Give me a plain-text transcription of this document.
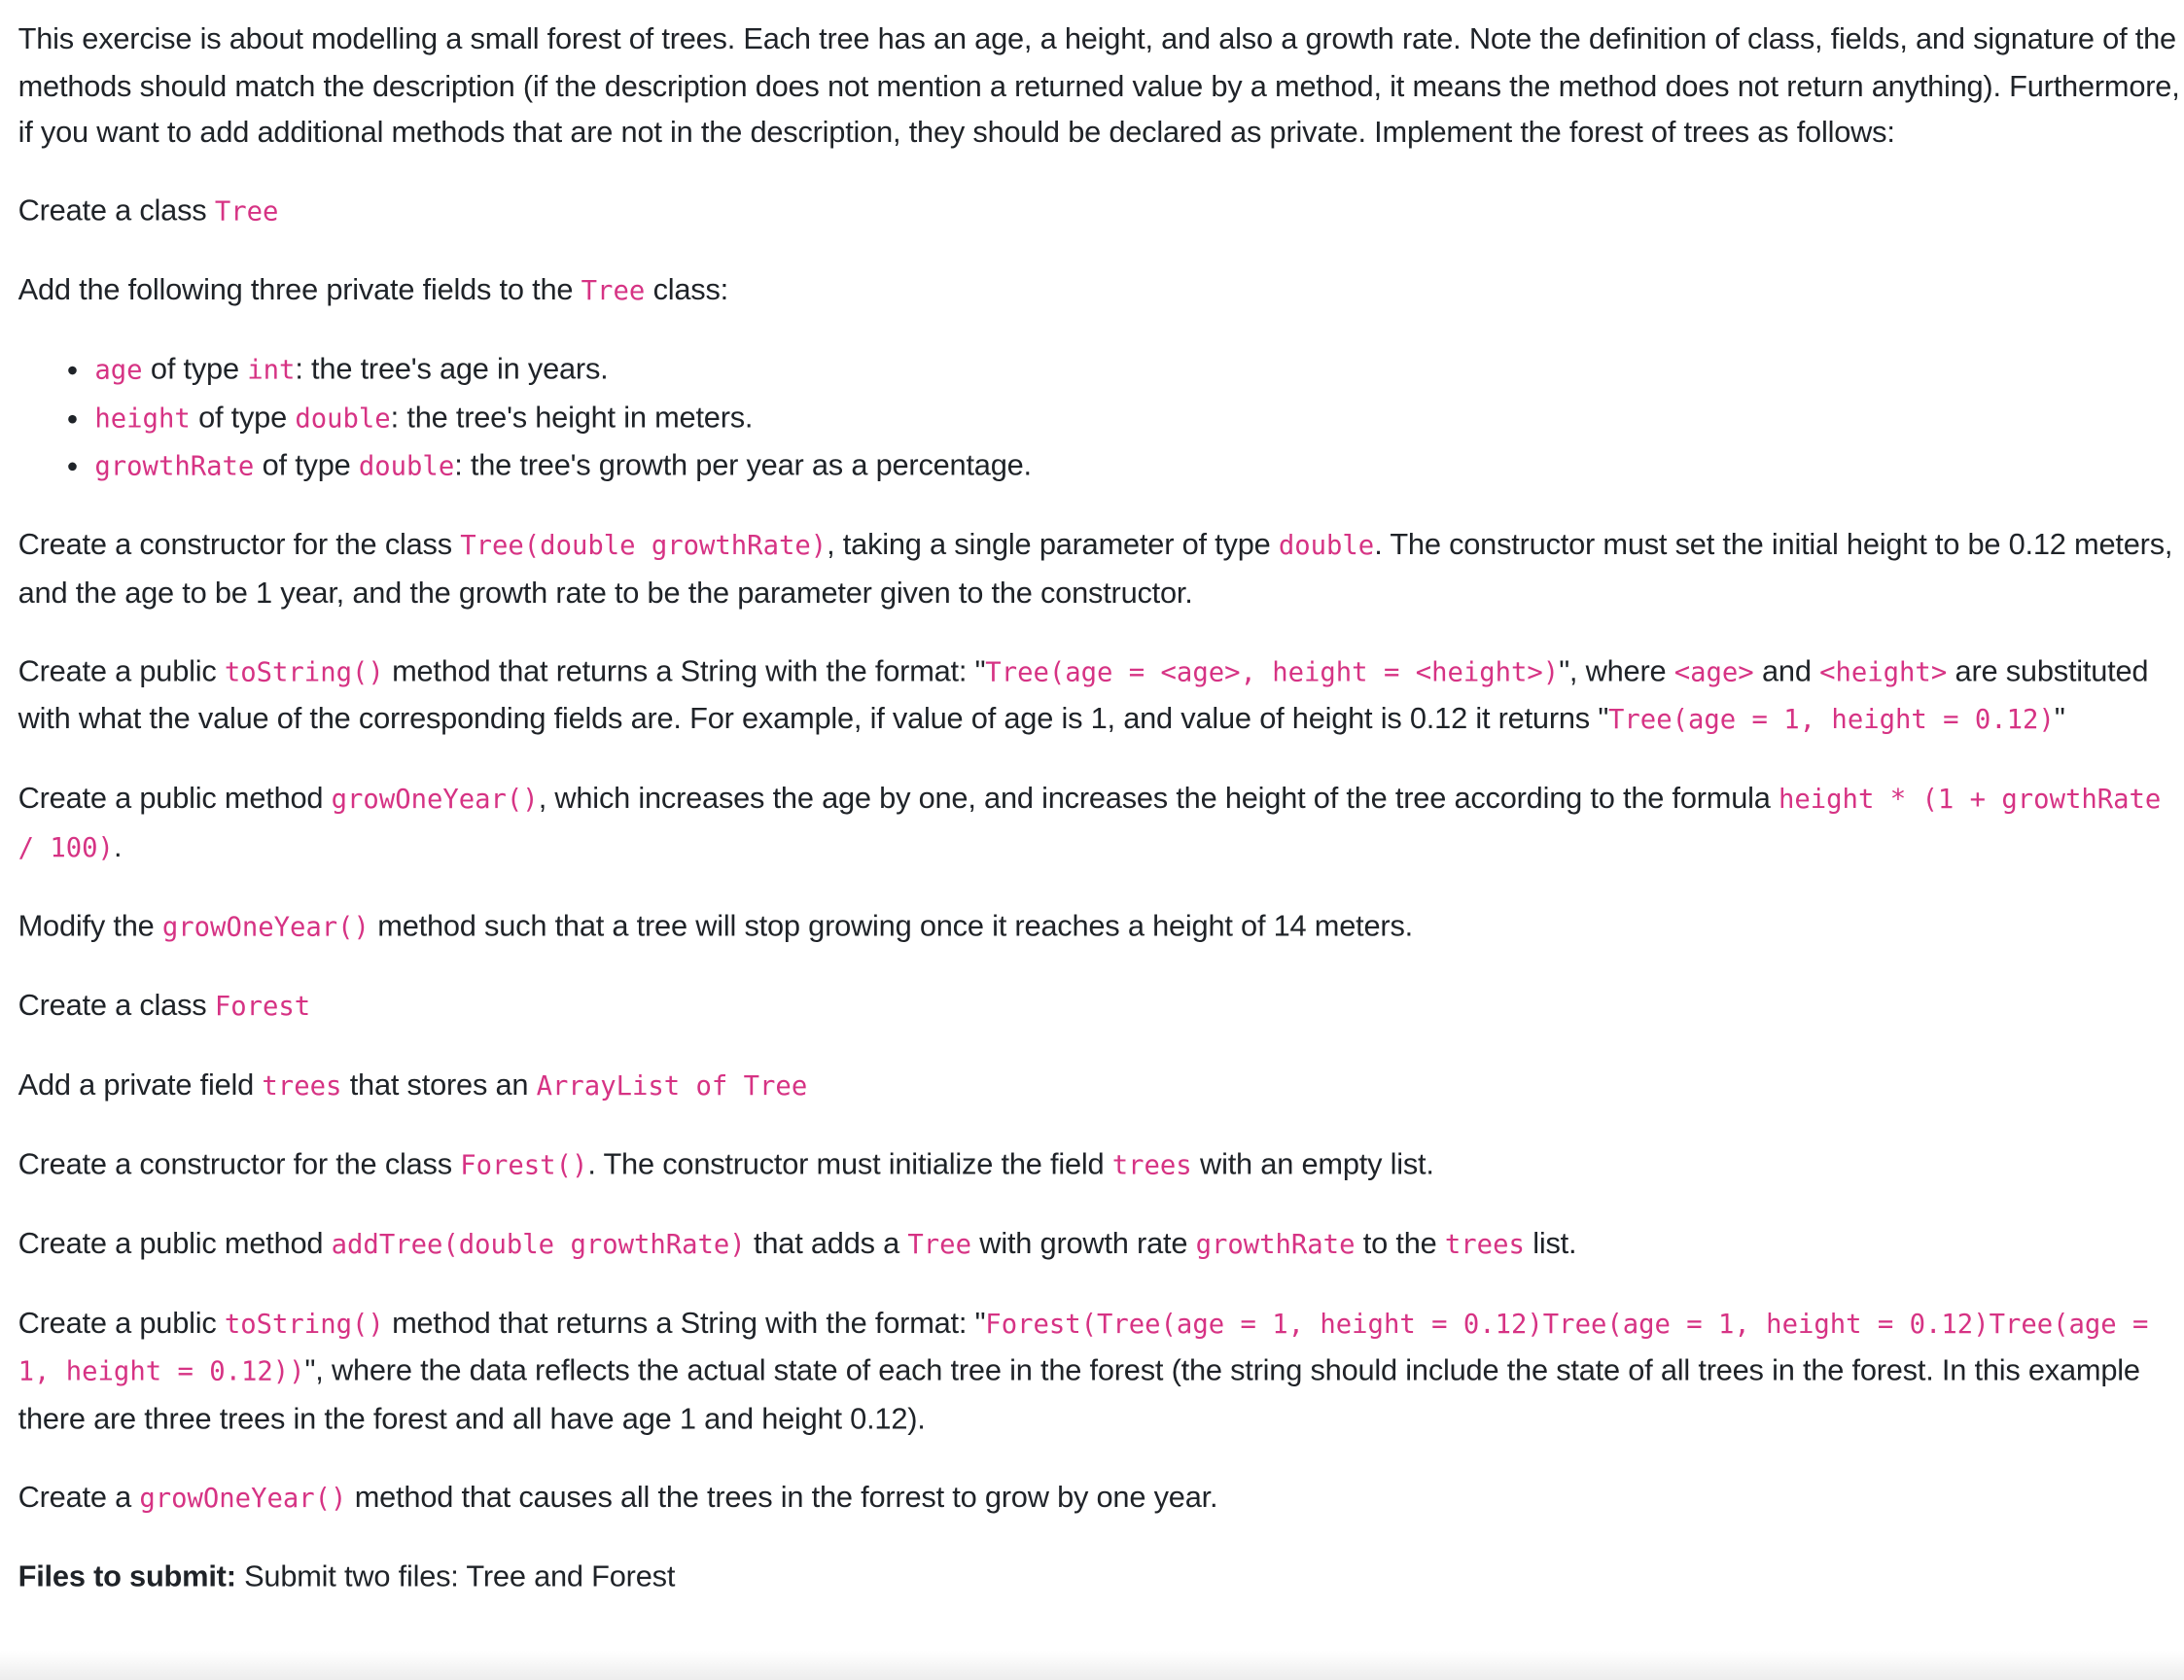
This exercise is about modelling a small forest of trees. Each tree has an age, a height, and also a growth rate. Note the definition of class, fields, and signature of the methods should match the description (if the description does not mention a returned value by a method, it means the method does not return anything). Furthermore, if you want to add additional methods that are not in the description, they should be declared as private. Implement the forest of trees as follows:

Create a class Tree

Add the following three private fields to the Tree class:

• age of type int: the tree's age in years.
• height of type double: the tree's height in meters.
• growthRate of type double: the tree's growth per year as a percentage.

Create a constructor for the class Tree(double growthRate), taking a single parameter of type double. The constructor must set the initial height to be 0.12 meters, and the age to be 1 year, and the growth rate to be the parameter given to the constructor.

Create a public toString() method that returns a String with the format: "Tree(age = <age>, height = <height>)", where <age> and <height> are substituted with what the value of the corresponding fields are. For example, if value of age is 1, and value of height is 0.12 it returns "Tree(age = 1, height = 0.12)"

Create a public method growOneYear(), which increases the age by one, and increases the height of the tree according to the formula height * (1 + growthRate / 100).

Modify the growOneYear() method such that a tree will stop growing once it reaches a height of 14 meters.

Create a class Forest

Add a private field trees that stores an ArrayList of Tree

Create a constructor for the class Forest(). The constructor must initialize the field trees with an empty list.

Create a public method addTree(double growthRate) that adds a Tree with growth rate growthRate to the trees list.

Create a public toString() method that returns a String with the format: "Forest(Tree(age = 1, height = 0.12)Tree(age = 1, height = 0.12)Tree(age = 1, height = 0.12))", where the data reflects the actual state of each tree in the forest (the string should include the state of all trees in the forest. In this example there are three trees in the forest and all have age 1 and height 0.12).

Create a growOneYear() method that causes all the trees in the forrest to grow by one year.

Files to submit: Submit two files: Tree and Forest
